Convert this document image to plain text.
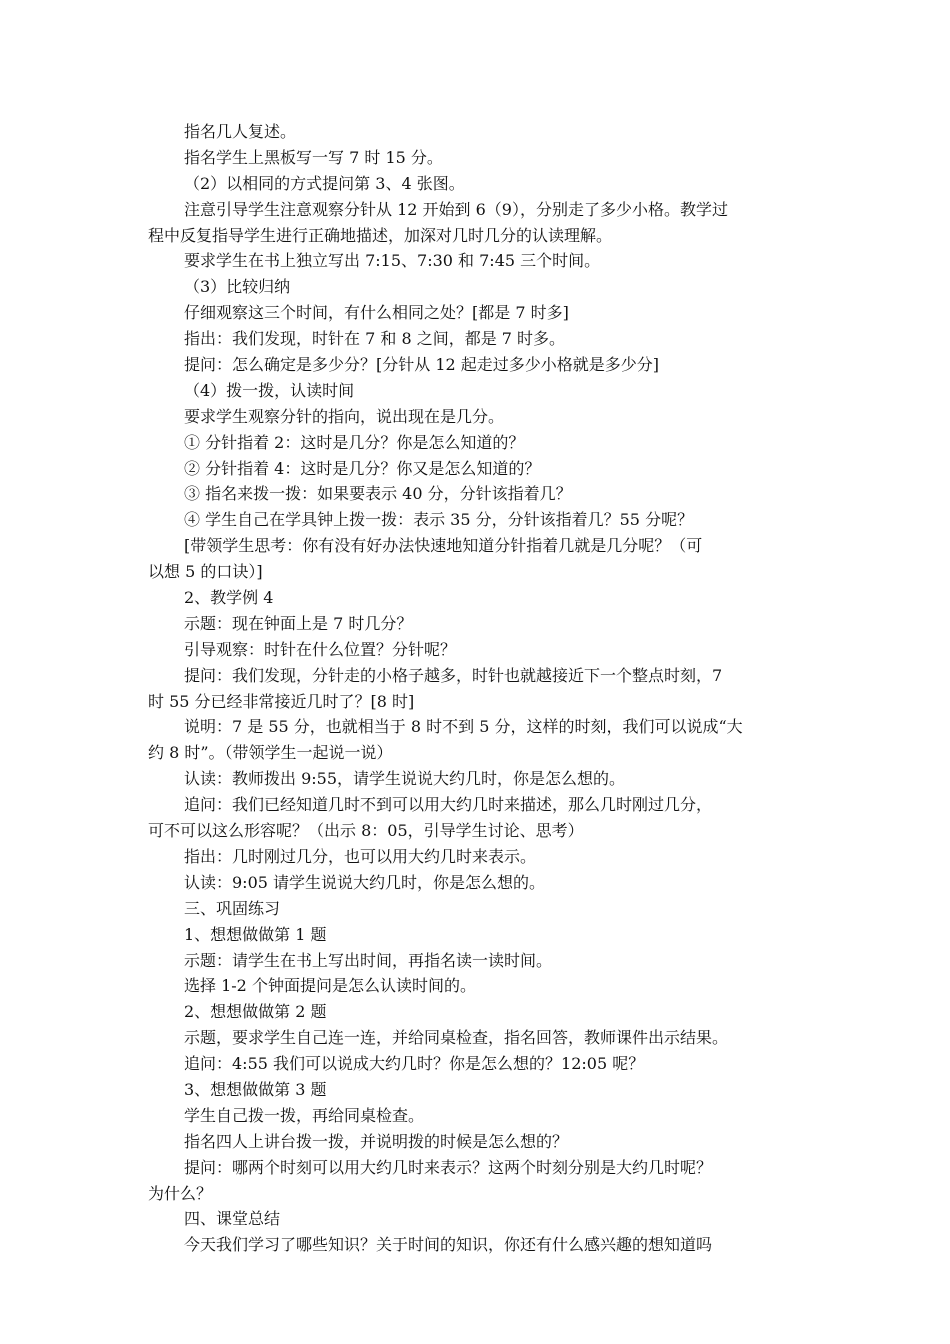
指名几人复述。
指名学生上黑板写一写 7 时 15 分。
（2）以相同的方式提问第 3、4 张图。
注意引导学生注意观察分针从 12 开始到 6（9），分别走了多少小格。教学过
程中反复指导学生进行正确地描述，加深对几时几分的认读理解。
要求学生在书上独立写出 7:15、7:30 和 7:45 三个时间。
（3）比较归纳
仔细观察这三个时间，有什么相同之处？[都是 7 时多]
指出：我们发现，时针在 7 和 8 之间，都是 7 时多。
提问：怎么确定是多少分？[分针从 12 起走过多少小格就是多少分]
（4）拨一拨，认读时间
要求学生观察分针的指向，说出现在是几分。
① 分针指着 2：这时是几分？你是怎么知道的？
② 分针指着 4：这时是几分？你又是怎么知道的？
③ 指名来拨一拨：如果要表示 40 分，分针该指着几？
④ 学生自己在学具钟上拨一拨：表示 35 分，分针该指着几？55 分呢？
[带领学生思考：你有没有好办法快速地知道分针指着几就是几分呢？（可
以想 5 的口诀）]
2、教学例 4
示题：现在钟面上是 7 时几分？
引导观察：时针在什么位置？分针呢？
提问：我们发现，分针走的小格子越多，时针也就越接近下一个整点时刻，7
时 55 分已经非常接近几时了？[8 时]
说明：7 是 55 分，也就相当于 8 时不到 5 分，这样的时刻，我们可以说成“大
约 8 时”。（带领学生一起说一说）
认读：教师拨出 9:55，请学生说说大约几时，你是怎么想的。
追问：我们已经知道几时不到可以用大约几时来描述，那么几时刚过几分，
可不可以这么形容呢？（出示 8：05，引导学生讨论、思考）
指出：几时刚过几分，也可以用大约几时来表示。
认读：9:05 请学生说说大约几时，你是怎么想的。
三、巩固练习
1、想想做做第 1 题
示题：请学生在书上写出时间，再指名读一读时间。
选择 1-2 个钟面提问是怎么认读时间的。
2、想想做做第 2 题
示题，要求学生自己连一连，并给同桌检查，指名回答，教师课件出示结果。
追问：4:55 我们可以说成大约几时？你是怎么想的？12:05 呢？
3、想想做做第 3 题
学生自己拨一拨，再给同桌检查。
指名四人上讲台拨一拨，并说明拨的时候是怎么想的？
提问：哪两个时刻可以用大约几时来表示？这两个时刻分别是大约几时呢？
为什么？
四、课堂总结
今天我们学习了哪些知识？关于时间的知识，你还有什么感兴趣的想知道吗
